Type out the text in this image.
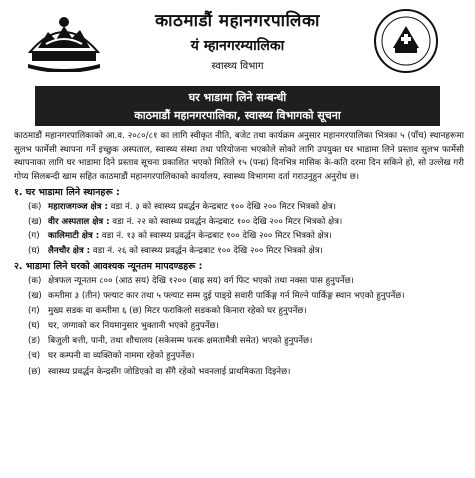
काठमाडौं महानगरपालिका
यं म्हानगरम्यालिका
स्वास्थ्य विभाग
घर भाडामा लिने सम्बन्धी
काठमाडौं महानगरपालिका, स्वास्थ्य विभागको सूचना

काठमाडौं महानगरपालिकाको आ.व. २०८०/८१ का लागि स्वीकृत नीति, बजेट तथा कार्यक्रम अनुसार महानगरपालिका भित्रका ५ (पाँच) स्थानहरूमा सुलभ फार्मेसी स्थापना गर्ने इच्छुक अस्पताल, स्वास्थ्य संस्था तथा परियोजना भएकोले सोको लागि उपयुक्त घर भाडामा लिने प्रस्ताव सुलभ फार्मेसी स्थापनाका लागि घर भाडामा दिने प्रस्ताव सूचना प्रकाशित भएको मितिले १५ (पन्ध्र) दिनभित्र मासिक के-कति दरमा दिन सकिने हो, सो उल्लेख गरी गोप्य सिलबन्दी खाम सहित काठमाडौं महानगरपालिकाको कार्यालय, स्वास्थ्य विभागमा दर्ता गराउनुहुन अनुरोध छ।

१. घर भाडामा लिने स्थानहरू :
(क) महाराजगञ्ज क्षेत्र : वडा नं. ३ को स्वास्थ्य प्रवर्द्धन केन्द्रबाट १०० देखि २०० मिटर भित्रको क्षेत्र।
(ख) वीर अस्पताल क्षेत्र : वडा नं. २२ को स्वास्थ्य प्रवर्द्धन केन्द्रबाट १०० देखि २०० मिटर भित्रको क्षेत्र।
(ग) कालिमाटी क्षेत्र : वडा नं. १३ को स्वास्थ्य प्रवर्द्धन केन्द्रबाट १०० देखि २०० मिटर भित्रको क्षेत्र।
(घ) लैनचौर क्षेत्र : वडा नं. २६ को स्वास्थ्य प्रवर्द्धन केन्द्रबाट १०० देखि २०० मिटर भित्रको क्षेत्र।
२. भाडामा लिने घरको आवश्यक न्यूनतम मापदण्डहरू :
(क) क्षेत्रफल न्यूनतम ८०० (आठ सय) देखि १२०० (बाह्र सय) वर्ग फिट भएको तथा नक्सा पास हुनुपर्नेछ।
(ख) कम्तीमा ३ (तीन) फ्ल्याट कार तथा ५ फ्ल्याट सम्म दुई पाङ्ग्रे सवारी पार्किङ्ग गर्न मिल्ने पार्किङ्ग स्थान भएको हुनुपर्नेछ।
(ग) मुख्य सडक वा कम्तीमा ६ (छ) मिटर फराकिलो सडकको किनारा रहेको घर हुनुपर्नेछ।
(घ) घर, जग्गाको कर नियमानुसार भुक्तानी भएको हुनुपर्नेछ।
(ङ) बिजुली बत्ती, पानी, तथा शौचालय (सकेसम्म फरक क्षमतामैत्री समेत) भएको हुनुपर्नेछ।
(च) घर कम्पनी वा व्यक्तिको नाममा रहेको हुनुपर्नेछ।
(छ) स्वास्थ्य प्रवर्द्धन केन्द्रसँग जोडिएको वा सँगै रहेको भवनलाई प्राथमिकता दिइनेछ।
